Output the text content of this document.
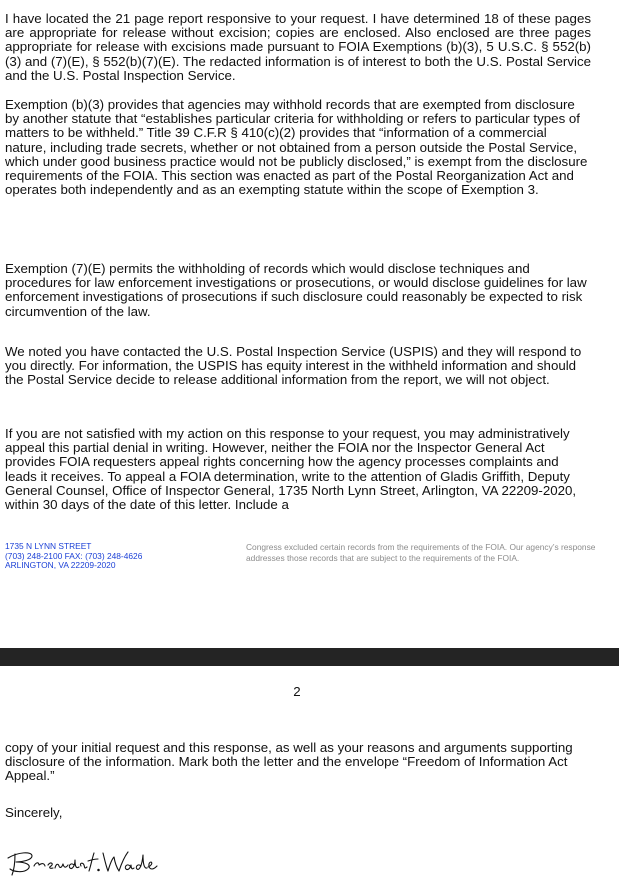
I have located the 21 page report responsive to your request. I have determined 18 of these pages are appropriate for release without excision; copies are enclosed. Also enclosed are three pages appropriate for release with excisions made pursuant to FOIA Exemptions (b)(3), 5 U.S.C. § 552(b)(3) and (7)(E), § 552(b)(7)(E). The redacted information is of interest to both the U.S. Postal Service and the U.S. Postal Inspection Service.

Exemption (b)(3) provides that agencies may withhold records that are exempted from disclosure by another statute that “establishes particular criteria for withholding or refers to particular types of matters to be withheld.” Title 39 C.F.R § 410(c)(2) provides that “information of a commercial nature, including trade secrets, whether or not obtained from a person outside the Postal Service, which under good business practice would not be publicly disclosed,” is exempt from the disclosure requirements of the FOIA. This section was enacted as part of the Postal Reorganization Act and operates both independently and as an exempting statute within the scope of Exemption 3.

Exemption (7)(E) permits the withholding of records which would disclose techniques and procedures for law enforcement investigations or prosecutions, or would disclose guidelines for law enforcement investigations of prosecutions if such disclosure could reasonably be expected to risk circumvention of the law.

We noted you have contacted the U.S. Postal Inspection Service (USPIS) and they will respond to you directly. For information, the USPIS has equity interest in the withheld information and should the Postal Service decide to release additional information from the report, we will not object.

If you are not satisfied with my action on this response to your request, you may administratively appeal this partial denial in writing. However, neither the FOIA nor the Inspector General Act provides FOIA requesters appeal rights concerning how the agency processes complaints and leads it receives. To appeal a FOIA determination, write to the attention of Gladis Griffith, Deputy General Counsel, Office of Inspector General, 1735 North Lynn Street, Arlington, VA 22209-2020, within 30 days of the date of this letter. Include a

1735 N LYNN STREET
(703) 248-2100 FAX: (703) 248-4626
ARLINGTON, VA 22209-2020

Congress excluded certain records from the requirements of the FOIA. Our agency’s response addresses those records that are subject to the requirements of the FOIA.

2

copy of your initial request and this response, as well as your reasons and arguments supporting disclosure of the information. Mark both the letter and the envelope “Freedom of Information Act Appeal.”

Sincerely,
